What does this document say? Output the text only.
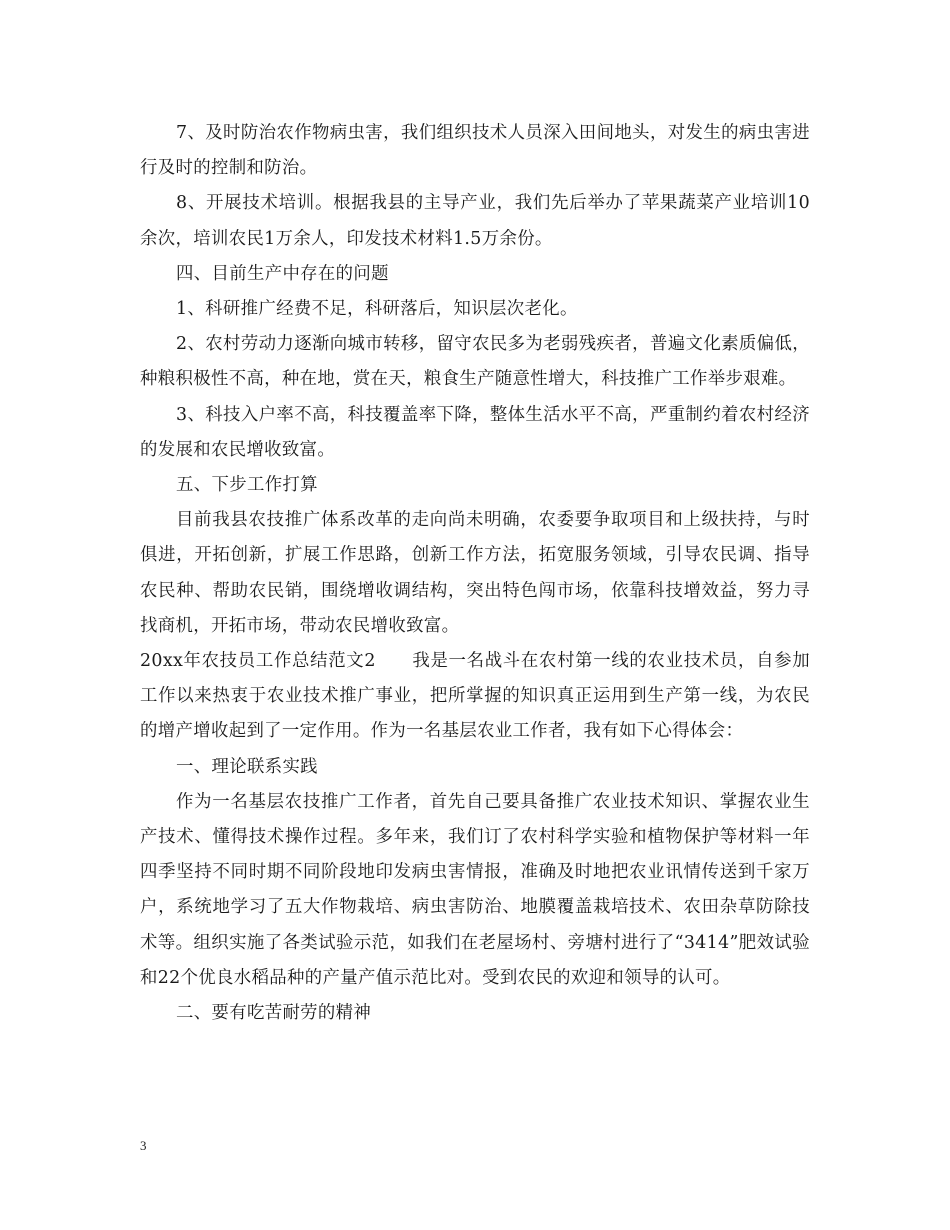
7、及时防治农作物病虫害，我们组织技术人员深入田间地头，对发生的病虫害进行及时的控制和防治。

8、开展技术培训。根据我县的主导产业，我们先后举办了苹果蔬菜产业培训10余次，培训农民1万余人，印发技术材料1.5万余份。

四、目前生产中存在的问题

1、科研推广经费不足，科研落后，知识层次老化。

2、农村劳动力逐渐向城市转移，留守农民多为老弱残疾者，普遍文化素质偏低，种粮积极性不高，种在地，赏在天，粮食生产随意性增大，科技推广工作举步艰难。

3、科技入户率不高，科技覆盖率下降，整体生活水平不高，严重制约着农村经济的发展和农民增收致富。

五、下步工作打算

目前我县农技推广体系改革的走向尚未明确，农委要争取项目和上级扶持，与时俱进，开拓创新，扩展工作思路，创新工作方法，拓宽服务领域，引导农民调、指导农民种、帮助农民销，围绕增收调结构，突出特色闯市场，依靠科技增效益，努力寻找商机，开拓市场，带动农民增收致富。

20xx年农技员工作总结范文2　　我是一名战斗在农村第一线的农业技术员，自参加工作以来热衷于农业技术推广事业，把所掌握的知识真正运用到生产第一线，为农民的增产增收起到了一定作用。作为一名基层农业工作者，我有如下心得体会：

一、理论联系实践

作为一名基层农技推广工作者，首先自己要具备推广农业技术知识、掌握农业生产技术、懂得技术操作过程。多年来，我们订了农村科学实验和植物保护等材料一年四季坚持不同时期不同阶段地印发病虫害情报，准确及时地把农业讯情传送到千家万户，系统地学习了五大作物栽培、病虫害防治、地膜覆盖栽培技术、农田杂草防除技术等。组织实施了各类试验示范，如我们在老屋场村、旁塘村进行了“3414”肥效试验和22个优良水稻品种的产量产值示范比对。受到农民的欢迎和领导的认可。

二、要有吃苦耐劳的精神

3
